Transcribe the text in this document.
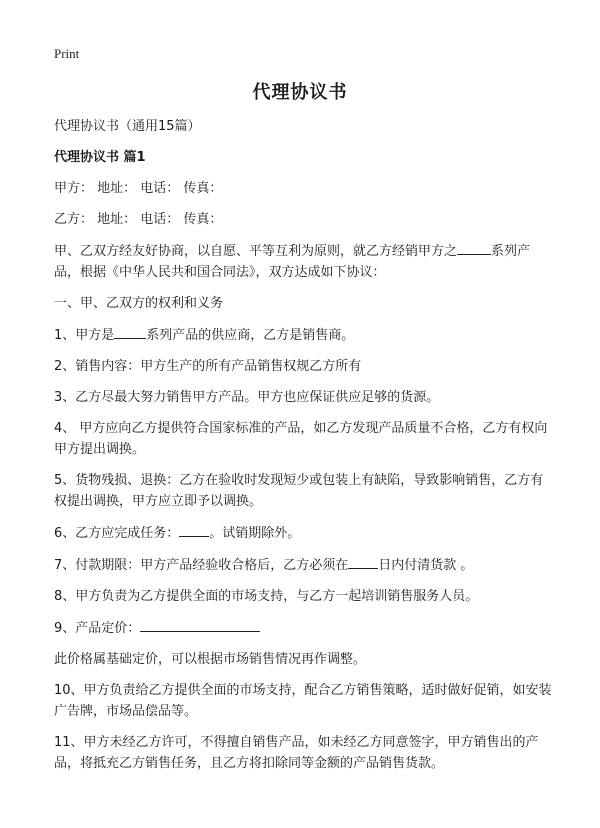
Print
代理协议书

代理协议书（通用15篇）

代理协议书 篇1

甲方： 地址： 电话： 传真：

乙方： 地址： 电话： 传真：

甲、乙双方经友好协商，以自愿、平等互利为原则，就乙方经销甲方之	系列产品，根据《中华人民共和国合同法》，双方达成如下协议：

一、甲、乙双方的权利和义务

1、甲方是 系列产品的供应商，乙方是销售商。

2、销售内容：甲方生产的所有产品销售权规乙方所有

3、乙方尽最大努力销售甲方产品。甲方也应保证供应足够的货源。

4、 甲方应向乙方提供符合国家标准的产品，如乙方发现产品质量不合格，乙方有权向甲方提出调换。

5、货物残损、退换：乙方在验收时发现短少或包装上有缺陷，导致影响销售，乙方有权提出调换，甲方应立即予以调换。

6、乙方应完成任务： 。试销期除外。

7、付款期限：甲方产品经验收合格后，乙方必须在 日内付清货款 。

8、甲方负责为乙方提供全面的市场支持，与乙方一起培训销售服务人员。

9、产品定价：

此价格属基础定价，可以根据市场销售情况再作调整。

10、甲方负责给乙方提供全面的市场支持，配合乙方销售策略，适时做好促销，如安装广告牌，市场品偿品等。

11、甲方未经乙方许可，不得擅自销售产品，如未经乙方同意签字，甲方销售出的产品，将抵充乙方销售任务，且乙方将扣除同等金额的产品销售货款。
